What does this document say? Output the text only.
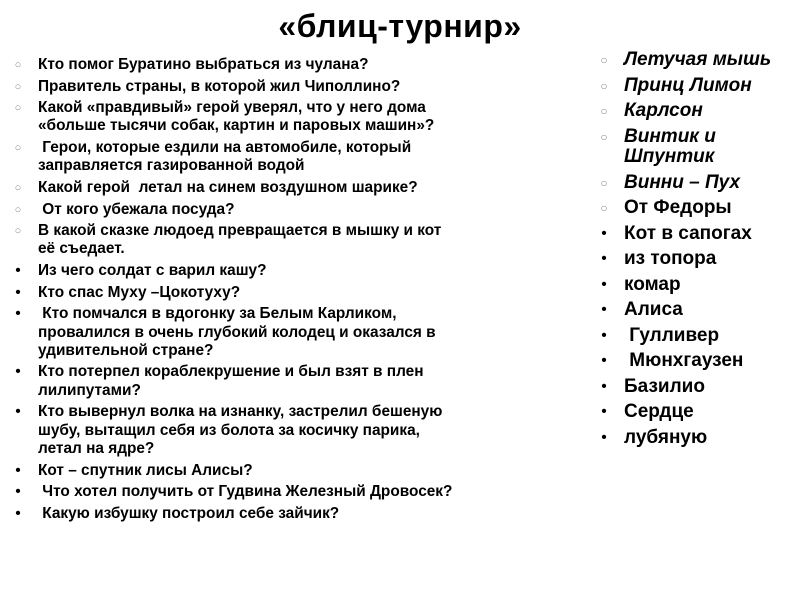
«блиц-турнир»
○	Кто помог Буратино выбраться из чулана?
○	Правитель страны, в которой жил Чиполлино?
○	Какой «правдивый» герой уверял, что у него дома
«больше тысячи собак, картин и паровых машин»?
○	Герои, которые ездили на автомобиле, который
заправляется газированной водой
○	Какой герой  летал на синем воздушном шарике?
○	От кого убежала посуда?
○	В какой сказке людоед превращается в мышку и кот
её съедает.
•	Из чего солдат с варил кашу?
•	Кто спас Муху –Цокотуху?
•	Кто помчался в вдогонку за Белым Карликом,
провалился в очень глубокий колодец и оказался в
удивительной стране?
•	Кто потерпел кораблекрушение и был взят в плен
лилипутами?
•	Кто вывернул волка на изнанку, застрелил бешеную
шубу, вытащил себя из болота за косичку парика,
летал на ядре?
•	Кот – спутник лисы Алисы?
•	Что хотел получить от Гудвина Железный Дровосек?
•	Какую избушку построил себе зайчик?
○ Летучая мышь
○ Принц Лимон
○ Карлсон
○ Винтик и
Шпунтик
○ Винни – Пух
○ От Федоры
• Кот в сапогах
• из топора
• комар
• Алиса
• Гулливер
• Мюнхгаузен
• Базилио
• Сердце
• лубяную
